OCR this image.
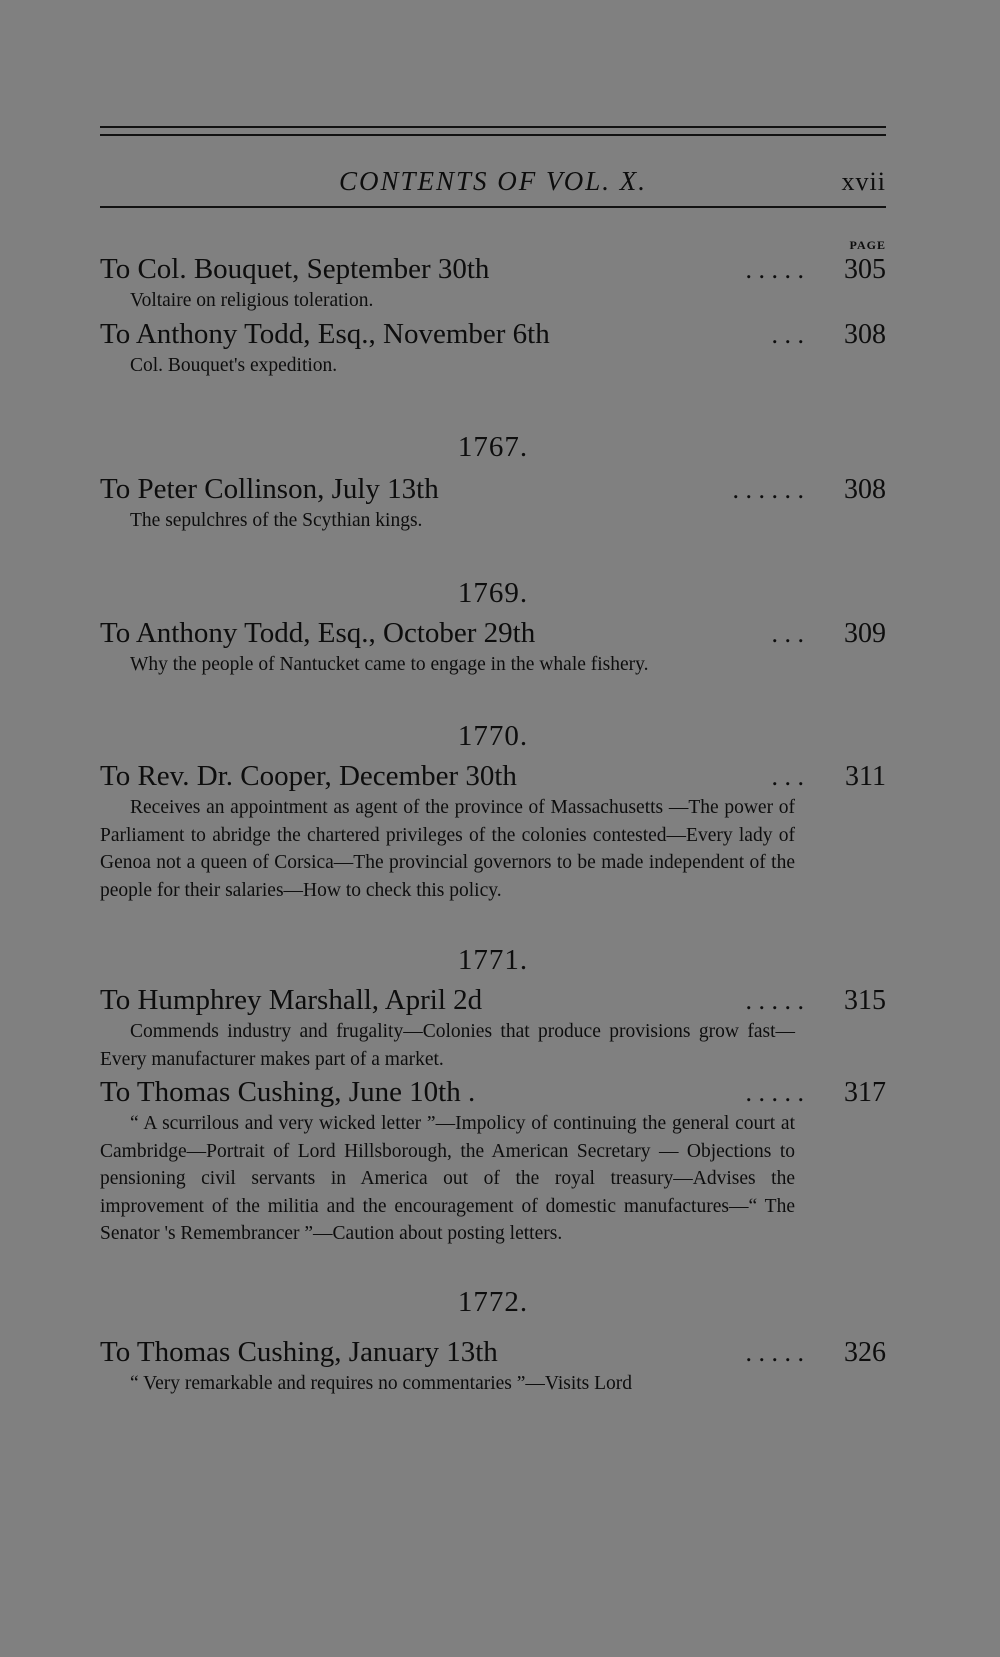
CONTENTS OF VOL. X.	xvii
PAGE
To Col. Bouquet, September 30th	. . . . .	305

Voltaire on religious toleration.

To Anthony Todd, Esq., November 6th	. . .	308

Col. Bouquet's expedition.

1767.
To Peter Collinson, July 13th	. . . . . .	308

The sepulchres of the Scythian kings.

1769.
To Anthony Todd, Esq., October 29th	. . .	309

Why the people of Nantucket came to engage in the whale fishery.

1770.
To Rev. Dr. Cooper, December 30th	. . .	311

Receives an appointment as agent of the province of Massachusetts —The power of Parliament to abridge the chartered privileges of the colonies contested—Every lady of Genoa not a queen of Corsica—The provincial governors to be made independent of the people for their salaries—How to check this policy.

1771.
To Humphrey Marshall, April 2d	. . . . .	315

Commends industry and frugality—Colonies that produce provisions grow fast—Every manufacturer makes part of a market.

To Thomas Cushing, June 10th .	. . . . .	317

“ A scurrilous and very wicked letter ”—Impolicy of continuing the general court at Cambridge—Portrait of Lord Hillsborough, the American Secretary — Objections to pensioning civil servants in America out of the royal treasury—Advises the improvement of the militia and the encouragement of domestic manufactures—“ The Senator 's Remembrancer ”—Caution about posting letters.

1772.
To Thomas Cushing, January 13th	. . . . .	326

“ Very remarkable and requires no commentaries ”—Visits Lord
